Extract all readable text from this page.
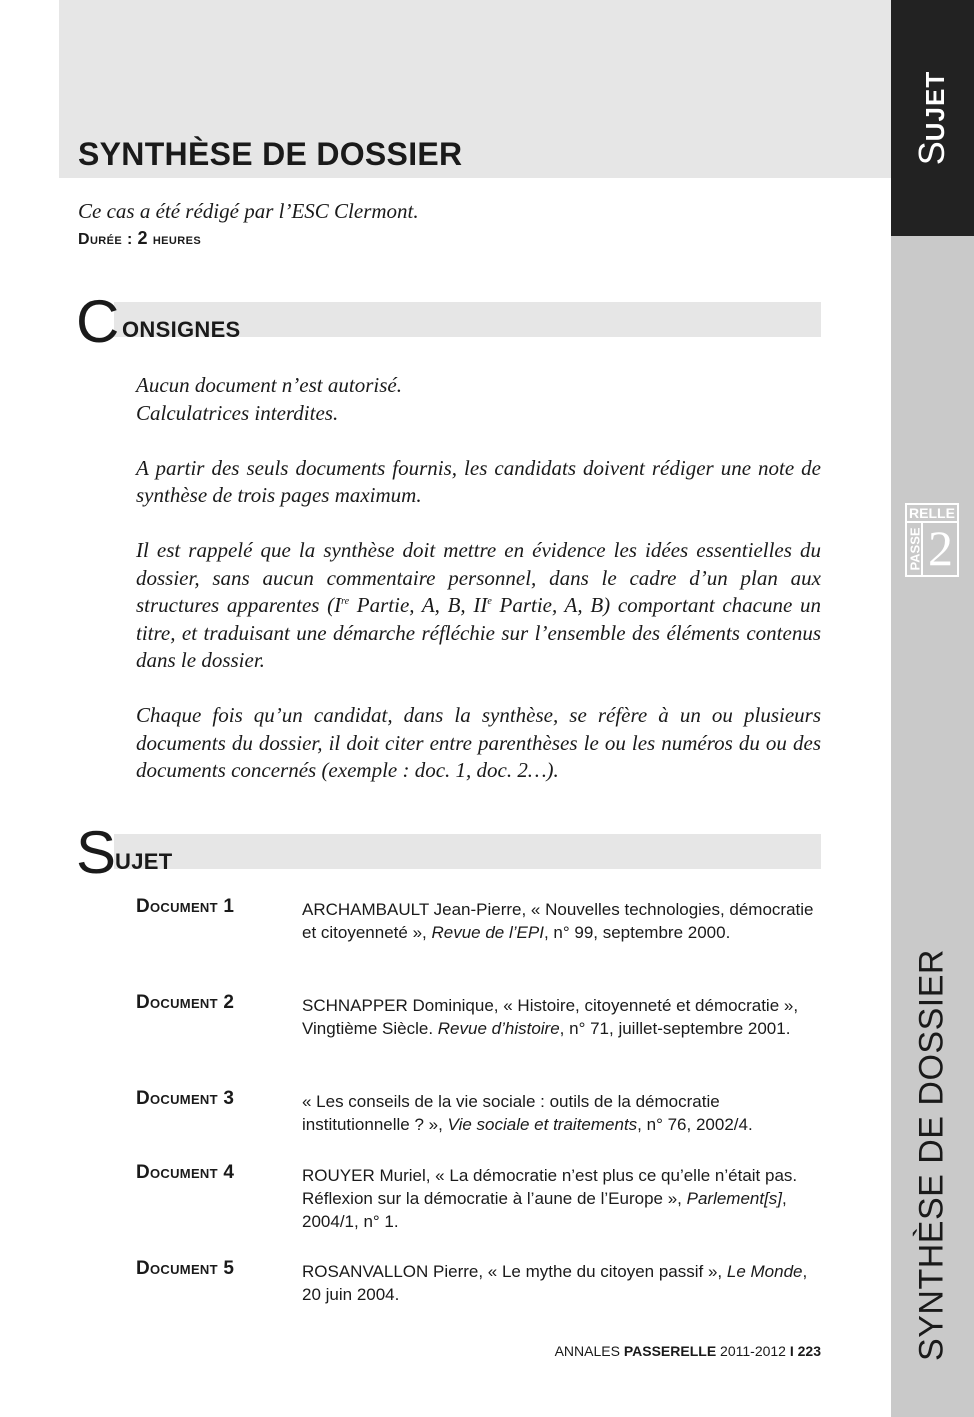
SYNTHÈSE DE DOSSIER
Ce cas a été rédigé par l’ESC Clermont.
Durée : 2 heures
C ONSIGNES

Aucun document n’est autorisé.
Calculatrices interdites.

A partir des seuls documents fournis, les candidats doivent rédiger une note de synthèse de trois pages maximum.

Il est rappelé que la synthèse doit mettre en évidence les idées essentielles du dossier, sans aucun commentaire personnel, dans le cadre d’un plan aux structures apparentes (Ire Partie, A, B, IIe Partie, A, B) comportant chacune un titre, et traduisant une démarche réfléchie sur l’ensemble des éléments contenus dans le dossier.

Chaque fois qu’un candidat, dans la synthèse, se réfère à un ou plusieurs documents du dossier, il doit citer entre parenthèses le ou les numéros du ou des documents concernés (exemple : doc. 1, doc. 2…).

S
UJET
Document 1	ARCHAMBAULT Jean-Pierre, « Nouvelles technologies, démocratie et citoyenneté », Revue de l’EPI, n° 99, septembre 2000.
Document 2	SCHNAPPER Dominique, « Histoire, citoyenneté et démocratie », Vingtième Siècle. Revue d’histoire, n° 71, juillet-septembre 2001.
Document 3	« Les conseils de la vie sociale : outils de la démocratie institutionnelle ? », Vie sociale et traitements, n° 76, 2002/4.
Document 4	ROUYER Muriel, « La démocratie n’est plus ce qu’elle n’était pas. Réflexion sur la démocratie à l’aune de l’Europe », Parlement[s], 2004/1, n° 1.
Document 5	ROSANVALLON Pierre, « Le mythe du citoyen passif », Le Monde, 20 juin 2004.
ANNALES PASSERELLE 2011-2012 I 223
SUJET
RELLE
PASSE 2
SYNTHÈSE DE DOSSIER
